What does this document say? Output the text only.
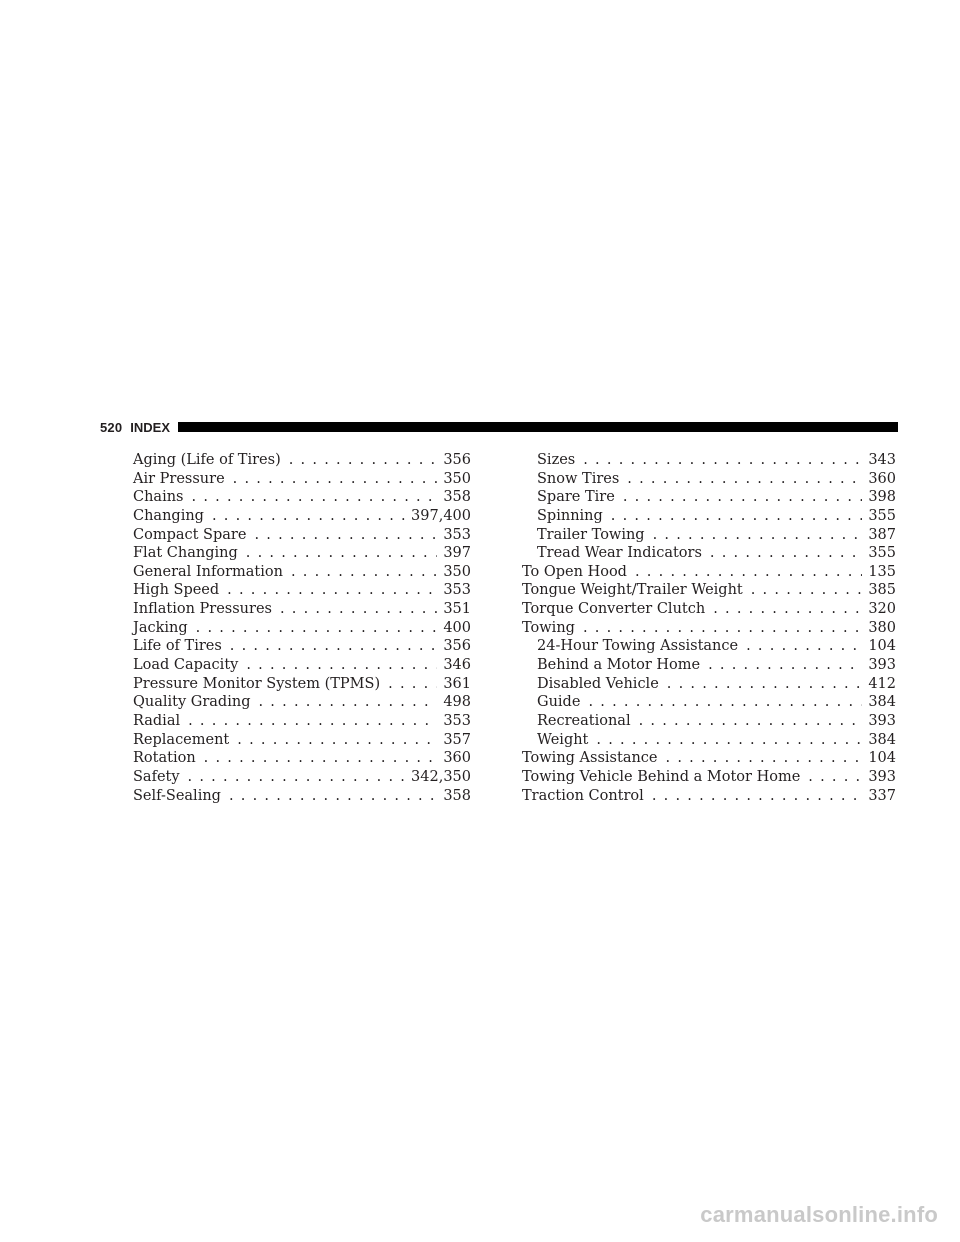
520 INDEX
Aging (Life of Tires) . . .	356
Air Pressure . . .	350
Chains . . .	358
Changing . . .	397,400
Compact Spare . . .	353
Flat Changing . . .	397
General Information . . .	350
High Speed . . .	353
Inflation Pressures . . .	351
Jacking . . .	400
Life of Tires . . .	356
Load Capacity . . .	346
Pressure Monitor System (TPMS) . . .	361
Quality Grading . . .	498
Radial . . .	353
Replacement . . .	357
Rotation . . .	360
Safety . . .	342,350
Self-Sealing . . .	358
Sizes . . .	343
Snow Tires . . .	360
Spare Tire . . .	398
Spinning . . .	355
Trailer Towing . . .	387
Tread Wear Indicators . . .	355
To Open Hood . . .	135
Tongue Weight/Trailer Weight . . .	385
Torque Converter Clutch . . .	320
Towing . . .	380
24-Hour Towing Assistance . . .	104
Behind a Motor Home . . .	393
Disabled Vehicle . . .	412
Guide . . .	384
Recreational . . .	393
Weight . . .	384
Towing Assistance . . .	104
Towing Vehicle Behind a Motor Home . . .	393
Traction Control . . .	337
carmanualsonline.info
